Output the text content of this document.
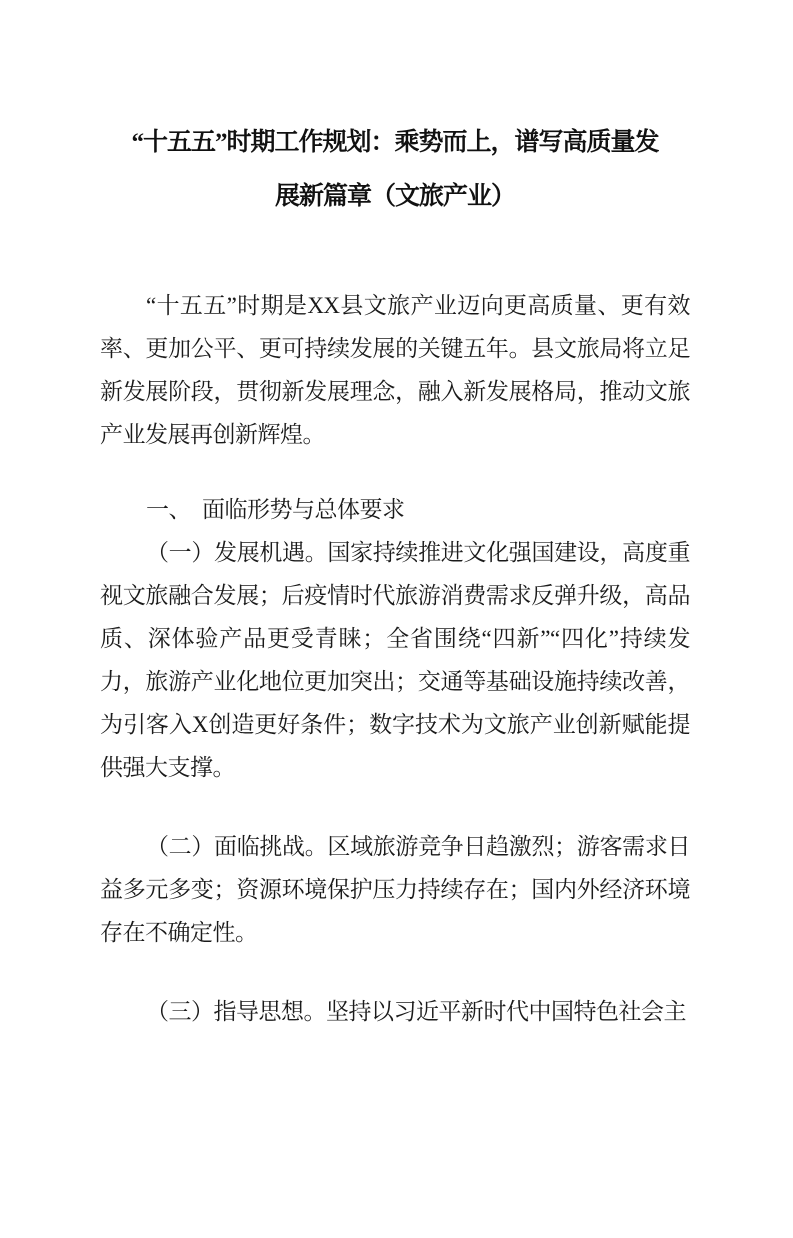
“十五五”时期工作规划：乘势而上，谱写高质量发
展新篇章（文旅产业）

“十五五”时期是XX县文旅产业迈向更高质量、更有效率、更加公平、更可持续发展的关键五年。县文旅局将立足新发展阶段，贯彻新发展理念，融入新发展格局，推动文旅产业发展再创新辉煌。

一、　面临形势与总体要求

（一）发展机遇。国家持续推进文化强国建设，高度重视文旅融合发展；后疫情时代旅游消费需求反弹升级，高品质、深体验产品更受青睐；全省围绕“四新”“四化”持续发力，旅游产业化地位更加突出；交通等基础设施持续改善，为引客入X创造更好条件；数字技术为文旅产业创新赋能提供强大支撑。

（二）面临挑战。区域旅游竞争日趋激烈；游客需求日益多元多变；资源环境保护压力持续存在；国内外经济环境存在不确定性。

（三）指导思想。坚持以习近平新时代中国特色社会主
